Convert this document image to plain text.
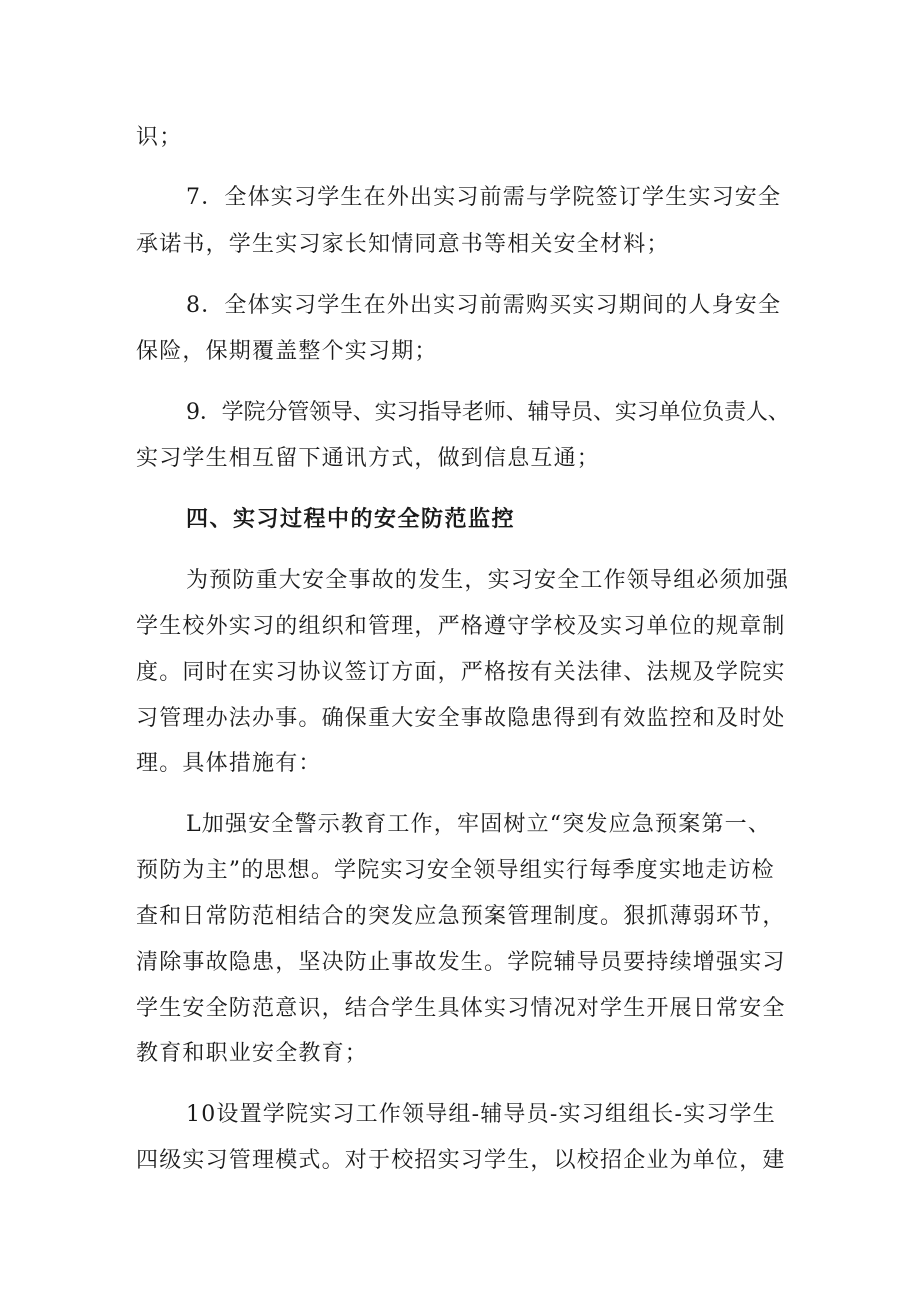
识；
7．全体实习学生在外出实习前需与学院签订学生实习安全
承诺书，学生实习家长知情同意书等相关安全材料；
8．全体实习学生在外出实习前需购买实习期间的人身安全
保险，保期覆盖整个实习期；
9．学院分管领导、实习指导老师、辅导员、实习单位负责人、
实习学生相互留下通讯方式，做到信息互通；
四、实习过程中的安全防范监控
为预防重大安全事故的发生，实习安全工作领导组必须加强
学生校外实习的组织和管理，严格遵守学校及实习单位的规章制
度。同时在实习协议签订方面，严格按有关法律、法规及学院实
习管理办法办事。确保重大安全事故隐患得到有效监控和及时处
理。具体措施有：
L加强安全警示教育工作，牢固树立“突发应急预案第一、
预防为主”的思想。学院实习安全领导组实行每季度实地走访检
查和日常防范相结合的突发应急预案管理制度。狠抓薄弱环节，
清除事故隐患，坚决防止事故发生。学院辅导员要持续增强实习
学生安全防范意识，结合学生具体实习情况对学生开展日常安全
教育和职业安全教育；
10设置学院实习工作领导组-辅导员-实习组组长-实习学生
四级实习管理模式。对于校招实习学生，以校招企业为单位，建
